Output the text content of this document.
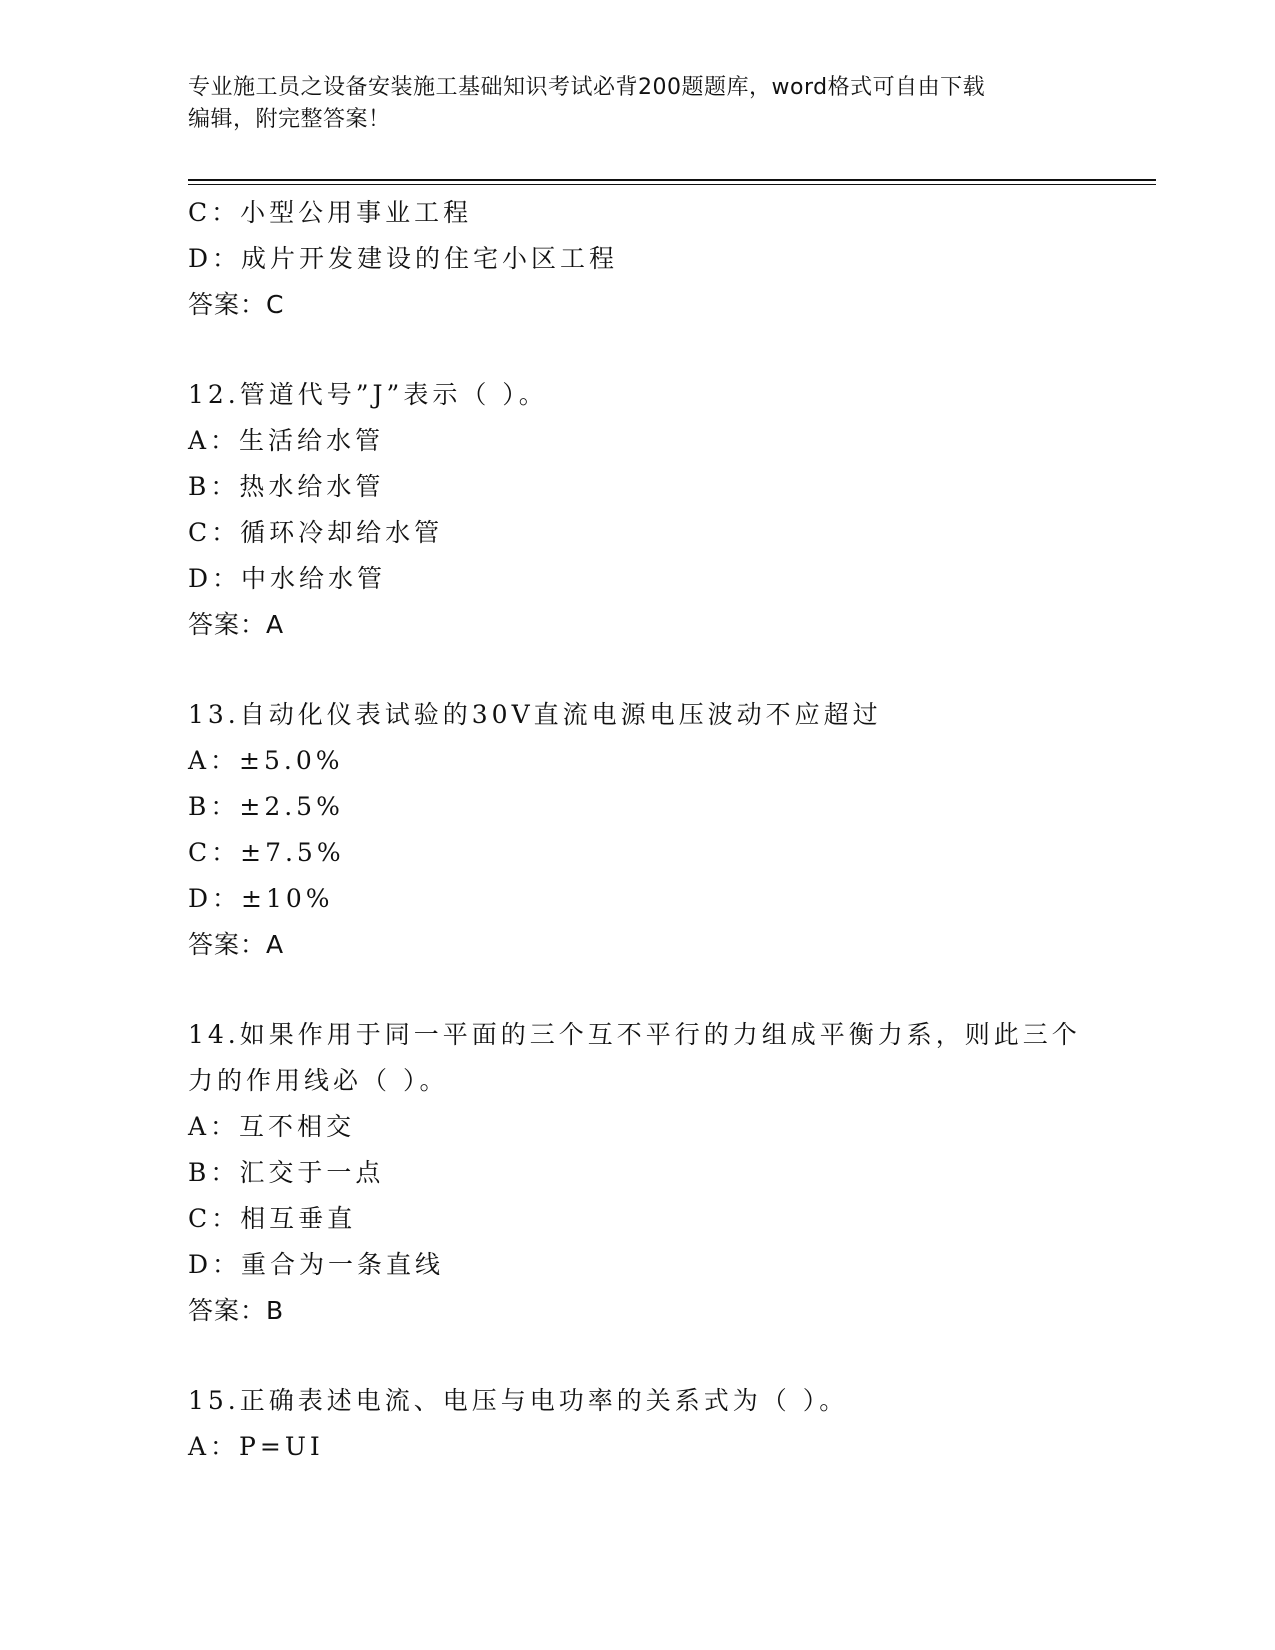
专业施工员之设备安装施工基础知识考试必背200题题库，word格式可自由下载
编辑，附完整答案！
C：小型公用事业工程
D：成片开发建设的住宅小区工程
答案：C
12.管道代号”J”表示（ ）。
A：生活给水管
B：热水给水管
C：循环冷却给水管
D：中水给水管
答案：A
13.自动化仪表试验的30V直流电源电压波动不应超过
A：±5.0%
B：±2.5%
C：±7.5%
D：±10%
答案：A
14.如果作用于同一平面的三个互不平行的力组成平衡力系，则此三个
力的作用线必（ ）。
A：互不相交
B：汇交于一点
C：相互垂直
D：重合为一条直线
答案：B
15.正确表述电流、电压与电功率的关系式为（ ）。
A：P=UI
